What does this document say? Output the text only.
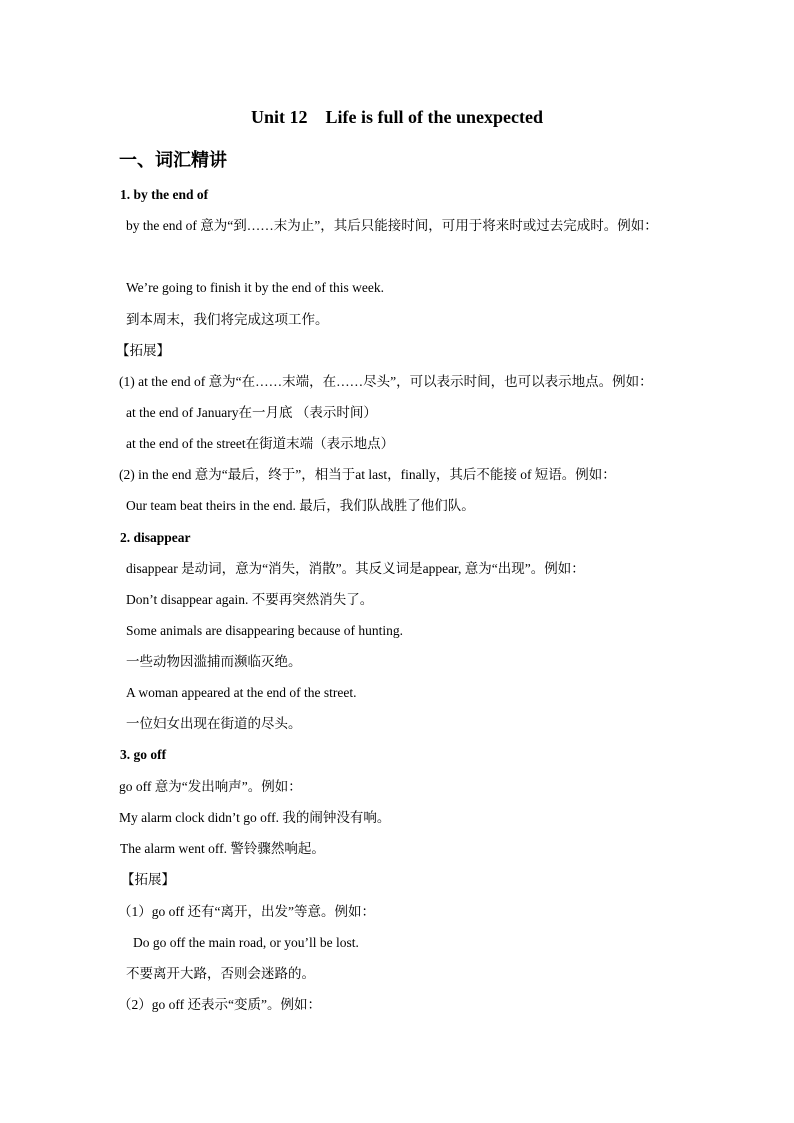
Unit 12    Life is full of the unexpected
一、词汇精讲
1. by the end of
by the end of 意为“到……末为止”，其后只能接时间，可用于将来时或过去完成时。例如：
We’re going to finish it by the end of this week.
到本周末，我们将完成这项工作。
【拓展】
(1) at the end of 意为“在……末端，在……尽头”，可以表示时间，也可以表示地点。例如：
at the end of January在一月底 （表示时间）
at the end of the street在街道末端（表示地点）
(2) in the end 意为“最后，终于”，相当于at last，finally，其后不能接 of 短语。例如：
Our team beat theirs in the end. 最后，我们队战胜了他们队。
2. disappear
disappear 是动词，意为“消失，消散”。其反义词是appear, 意为“出现”。例如：
Don’t disappear again. 不要再突然消失了。
Some animals are disappearing because of hunting.
一些动物因滥捕而濒临灭绝。
A woman appeared at the end of the street.
一位妇女出现在街道的尽头。
3. go off
go off 意为“发出响声”。例如：
My alarm clock didn’t go off. 我的闹钟没有响。
The alarm went off. 警铃骤然响起。
【拓展】
（1）go off 还有“离开，出发”等意。例如：
Do go off the main road, or you’ll be lost.
不要离开大路，否则会迷路的。
（2）go off 还表示“变质”。例如：
